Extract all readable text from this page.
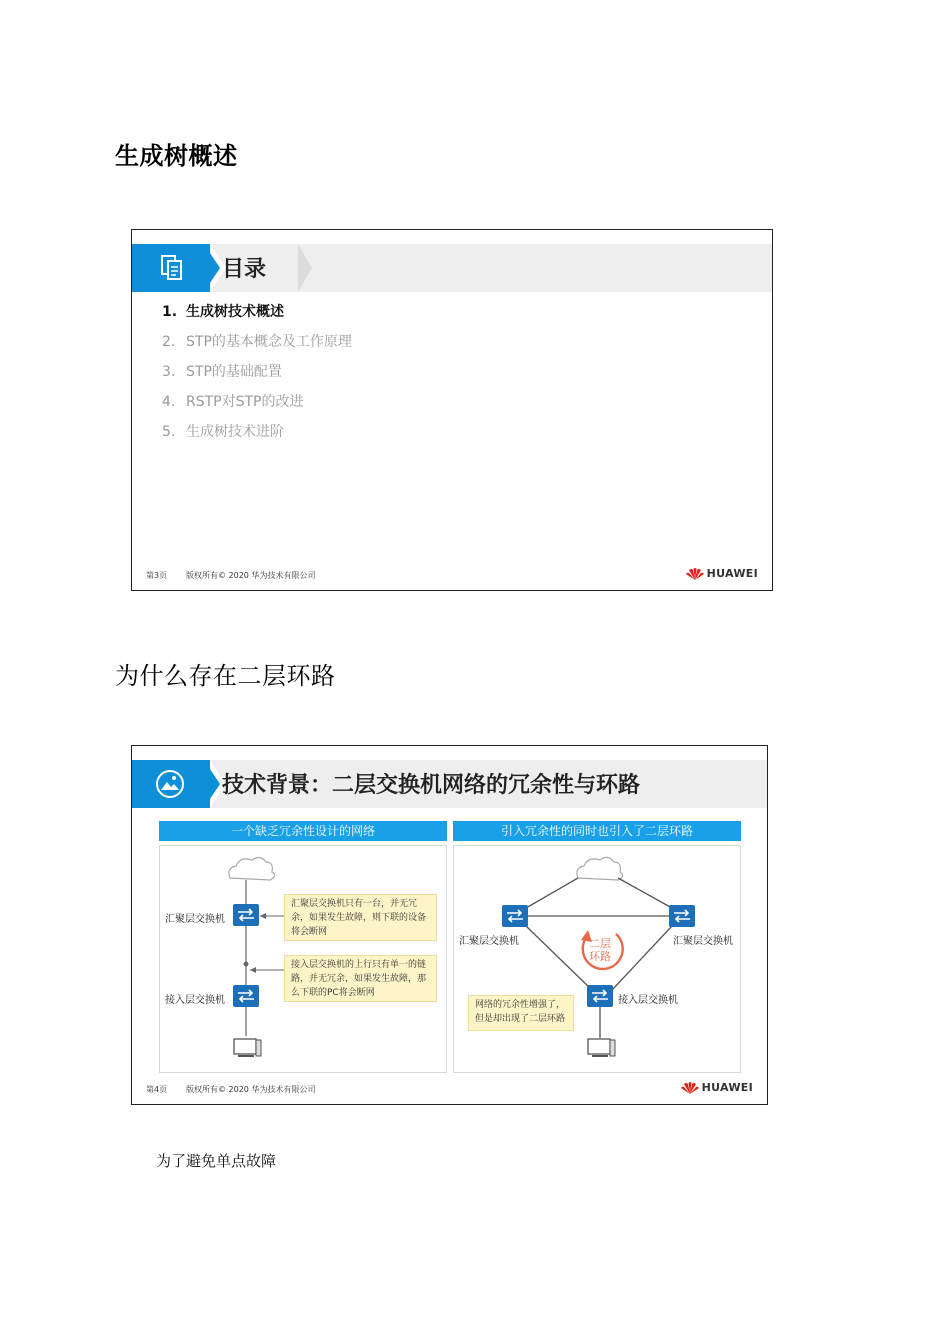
生成树概述
目录
1. 生成树技术概述
2. STP的基本概念及工作原理
3. STP的基础配置
4. RSTP对STP的改进
5. 生成树技术进阶
第3页 版权所有© 2020 华为技术有限公司	HUAWEI
为什么存在二层环路
技术背景：二层交换机网络的冗余性与环路
一个缺乏冗余性设计的网络
汇聚层交换机
接入层交换机
汇聚层交换机只有一台，并无冗余，如果发生故障，则下联的设备将会断网
接入层交换机的上行只有单一的链路，并无冗余，如果发生故障，那么下联的PC将会断网
引入冗余性的同时也引入了二层环路
汇聚层交换机	汇聚层交换机
接入层交换机
二层
环路
网络的冗余性增强了，但是却出现了二层环路
第4页 版权所有© 2020 华为技术有限公司	HUAWEI
为了避免单点故障
